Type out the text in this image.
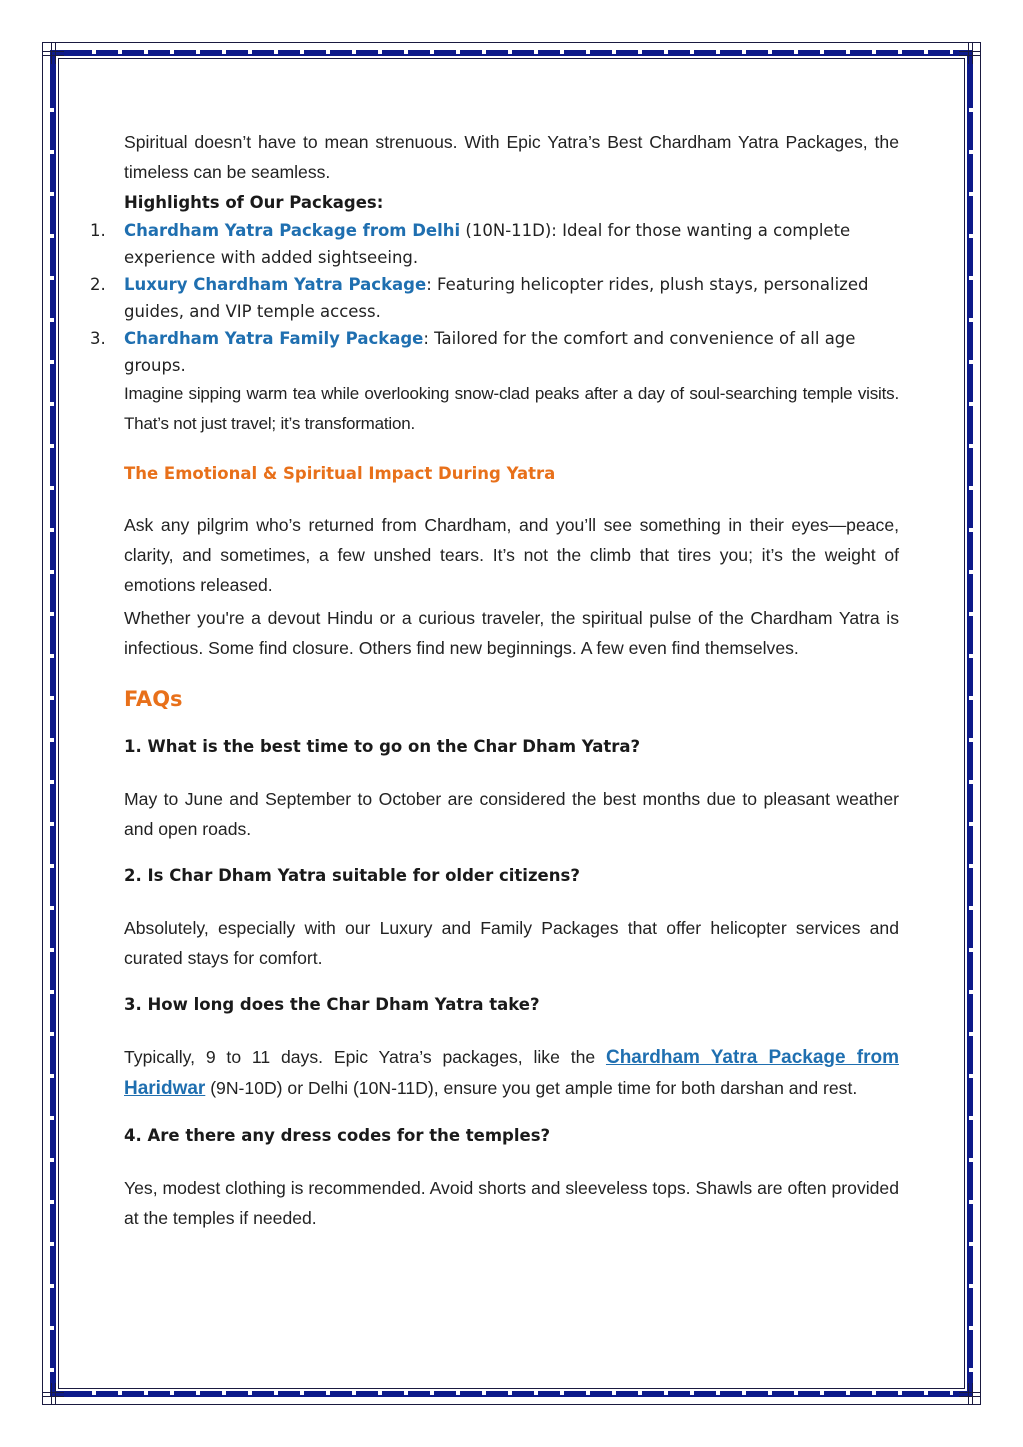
Spiritual doesn’t have to mean strenuous. With Epic Yatra’s Best Chardham Yatra Packages, the timeless can be seamless.

Highlights of Our Packages:

1. Chardham Yatra Package from Delhi (10N-11D): Ideal for those wanting a complete experience with added sightseeing.
2. Luxury Chardham Yatra Package: Featuring helicopter rides, plush stays, personalized guides, and VIP temple access.
3. Chardham Yatra Family Package: Tailored for the comfort and convenience of all age groups.

Imagine sipping warm tea while overlooking snow-clad peaks after a day of soul-searching temple visits. That’s not just travel; it’s transformation.

The Emotional & Spiritual Impact During Yatra

Ask any pilgrim who’s returned from Chardham, and you’ll see something in their eyes—peace, clarity, and sometimes, a few unshed tears. It’s not the climb that tires you; it’s the weight of emotions released.

Whether you're a devout Hindu or a curious traveler, the spiritual pulse of the Chardham Yatra is infectious. Some find closure. Others find new beginnings. A few even find themselves.

FAQs

1. What is the best time to go on the Char Dham Yatra?

May to June and September to October are considered the best months due to pleasant weather and open roads.

2. Is Char Dham Yatra suitable for older citizens?

Absolutely, especially with our Luxury and Family Packages that offer helicopter services and curated stays for comfort.

3. How long does the Char Dham Yatra take?

Typically, 9 to 11 days. Epic Yatra’s packages, like the Chardham Yatra Package from Haridwar (9N-10D) or Delhi (10N-11D), ensure you get ample time for both darshan and rest.

4. Are there any dress codes for the temples?

Yes, modest clothing is recommended. Avoid shorts and sleeveless tops. Shawls are often provided at the temples if needed.
